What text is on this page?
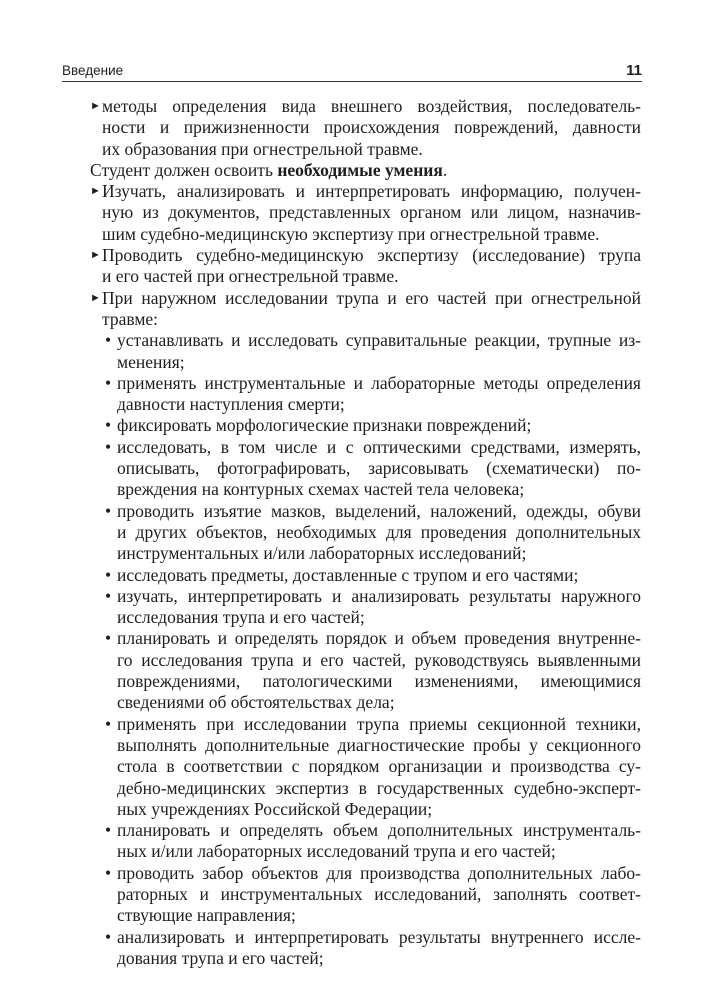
Введение	11
► методы определения вида внешнего воздействия, последователь-
ности и прижизненности происхождения повреждений, давности
их образования при огнестрельной травме.
Студент должен освоить необходимые умения.
► Изучать, анализировать и интерпретировать информацию, получен-
ную из документов, представленных органом или лицом, назначив-
шим судебно-медицинскую экспертизу при огнестрельной травме.
► Проводить судебно-медицинскую экспертизу (исследование) трупа
и его частей при огнестрельной травме.
► При наружном исследовании трупа и его частей при огнестрельной
травме:
• устанавливать и исследовать суправитальные реакции, трупные из-
менения;
• применять инструментальные и лабораторные методы определения
давности наступления смерти;
• фиксировать морфологические признаки повреждений;
• исследовать, в том числе и с оптическими средствами, измерять,
описывать, фотографировать, зарисовывать (схематически) по-
вреждения на контурных схемах частей тела человека;
• проводить изъятие мазков, выделений, наложений, одежды, обуви
и других объектов, необходимых для проведения дополнительных
инструментальных и/или лабораторных исследований;
• исследовать предметы, доставленные с трупом и его частями;
• изучать, интерпретировать и анализировать результаты наружного
исследования трупа и его частей;
• планировать и определять порядок и объем проведения внутренне-
го исследования трупа и его частей, руководствуясь выявленными
повреждениями, патологическими изменениями, имеющимися
сведениями об обстоятельствах дела;
• применять при исследовании трупа приемы секционной техники,
выполнять дополнительные диагностические пробы у секционного
стола в соответствии с порядком организации и производства су-
дебно-медицинских экспертиз в государственных судебно-эксперт-
ных учреждениях Российской Федерации;
• планировать и определять объем дополнительных инструменталь-
ных и/или лабораторных исследований трупа и его частей;
• проводить забор объектов для производства дополнительных лабо-
раторных и инструментальных исследований, заполнять соответ-
ствующие направления;
• анализировать и интерпретировать результаты внутреннего иссле-
дования трупа и его частей;
